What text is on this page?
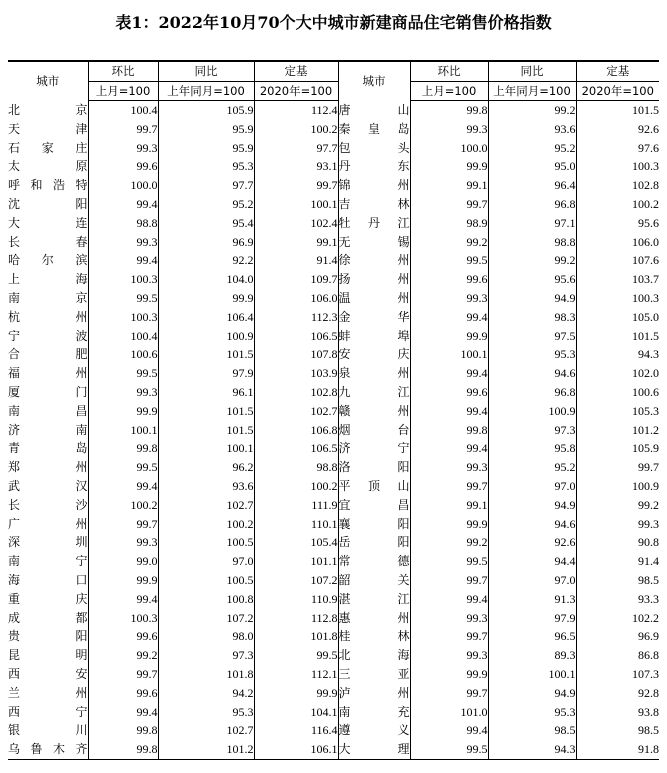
表1：2022年10月70个大中城市新建商品住宅销售价格指数
城市	环比	同比	定基	城市	环比	同比	定基
	上月=100	上年同月=100	2020年=100		上月=100	上年同月=100	2020年=100
北京	100.4	105.9	112.4	唐山	99.8	99.2	101.5
天津	99.7	95.9	100.2	秦皇岛	99.3	93.6	92.6
石家庄	99.3	95.9	97.7	包头	100.0	95.2	97.6
太原	99.6	95.3	93.1	丹东	99.9	95.0	100.3
呼和浩特	100.0	97.7	99.7	锦州	99.1	96.4	102.8
沈阳	99.4	95.2	100.1	吉林	99.7	96.8	100.2
大连	98.8	95.4	102.4	牡丹江	98.9	97.1	95.6
长春	99.3	96.9	99.1	无锡	99.2	98.8	106.0
哈尔滨	99.4	92.2	91.4	徐州	99.5	99.2	107.6
上海	100.3	104.0	109.7	扬州	99.6	95.6	103.7
南京	99.5	99.9	106.0	温州	99.3	94.9	100.3
杭州	100.3	106.4	112.3	金华	99.4	98.3	105.0
宁波	100.4	100.9	106.5	蚌埠	99.9	97.5	101.5
合肥	100.6	101.5	107.8	安庆	100.1	95.3	94.3
福州	99.5	97.9	103.9	泉州	99.4	94.6	102.0
厦门	99.3	96.1	102.8	九江	99.6	96.8	100.6
南昌	99.9	101.5	102.7	赣州	99.4	100.9	105.3
济南	100.1	101.5	106.8	烟台	99.8	97.3	101.2
青岛	99.8	100.1	106.5	济宁	99.4	95.8	105.9
郑州	99.5	96.2	98.8	洛阳	99.3	95.2	99.7
武汉	99.4	93.6	100.2	平顶山	99.7	97.0	100.9
长沙	100.2	102.7	111.9	宜昌	99.1	94.9	99.2
广州	99.7	100.2	110.1	襄阳	99.9	94.6	99.3
深圳	99.3	100.5	105.4	岳阳	99.2	92.6	90.8
南宁	99.0	97.0	101.1	常德	99.5	94.4	91.4
海口	99.9	100.5	107.2	韶关	99.7	97.0	98.5
重庆	99.4	100.8	110.9	湛江	99.4	91.3	93.3
成都	100.3	107.2	112.8	惠州	99.3	97.9	102.2
贵阳	99.6	98.0	101.8	桂林	99.7	96.5	96.9
昆明	99.2	97.3	99.5	北海	99.3	89.3	86.8
西安	99.7	101.8	112.1	三亚	99.9	100.1	107.3
兰州	99.6	94.2	99.9	泸州	99.7	94.9	92.8
西宁	99.4	95.3	104.1	南充	101.0	95.3	93.8
银川	99.8	102.7	116.4	遵义	99.4	98.5	98.5
乌鲁木齐	99.8	101.2	106.1	大理	99.5	94.3	91.8
